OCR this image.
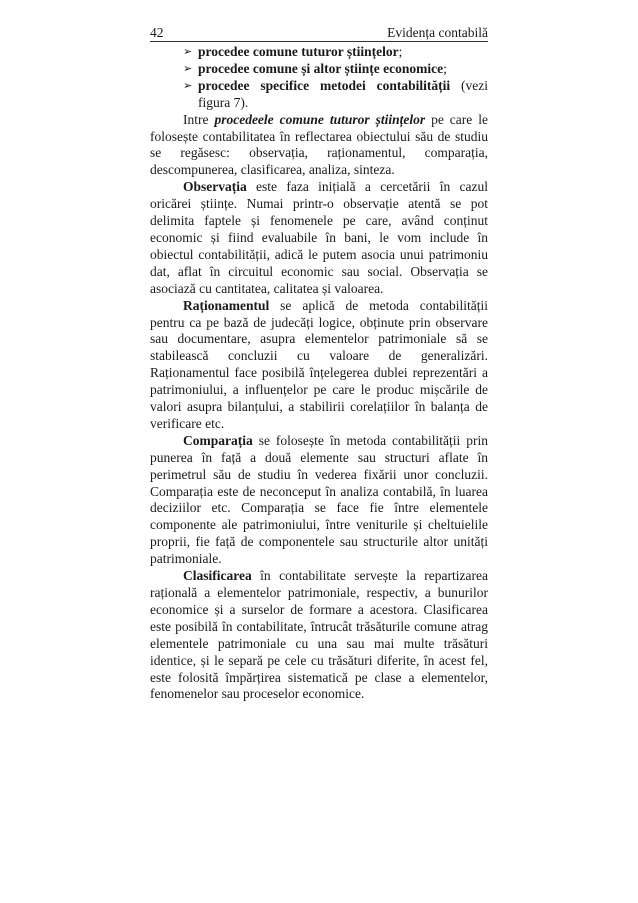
42	Evidența contabilă
➢ procedee comune tuturor științelor;
➢ procedee comune și altor științe economice;
➢ procedee specifice metodei contabilității (vezi figura 7).

Intre procedeele comune tuturor științelor pe care le folosește contabilitatea în reflectarea obiectului său de studiu se regăsesc: observația, raționamentul, comparația, descompunerea, clasificarea, analiza, sinteza.

Observația este faza inițială a cercetării în cazul oricărei științe. Numai printr-o observație atentă se pot delimita faptele și fenomenele pe care, având conținut economic și fiind evaluabile în bani, le vom include în obiectul contabilității, adică le putem asocia unui patrimoniu dat, aflat în circuitul economic sau social. Observația se asociază cu cantitatea, calitatea și valoarea.

Raționamentul se aplică de metoda contabilității pentru ca pe bază de judecăți logice, obținute prin observare sau documentare, asupra elementelor patrimoniale să se stabilească concluzii cu valoare de generalizări. Raționamentul face posibilă înțelegerea dublei reprezentări a patrimoniului, a influențelor pe care le produc mișcările de valori asupra bilanțului, a stabilirii corelațiilor în balanța de verificare etc.

Comparația se folosește în metoda contabilității prin punerea în față a două elemente sau structuri aflate în perimetrul său de studiu în vederea fixării unor concluzii. Comparația este de neconceput în analiza contabilă, în luarea deciziilor etc. Comparația se face fie între elementele componente ale patrimoniului, între veniturile și cheltuielile proprii, fie față de componentele sau structurile altor unități patrimoniale.

Clasificarea în contabilitate servește la repartizarea rațională a elementelor patrimoniale, respectiv, a bunurilor economice și a surselor de formare a acestora. Clasificarea este posibilă în contabilitate, întrucât trăsăturile comune atrag elementele patrimoniale cu una sau mai multe trăsături identice, și le separă pe cele cu trăsături diferite, în acest fel, este folosită împărțirea sistematică pe clase a elementelor, fenomenelor sau proceselor economice.
